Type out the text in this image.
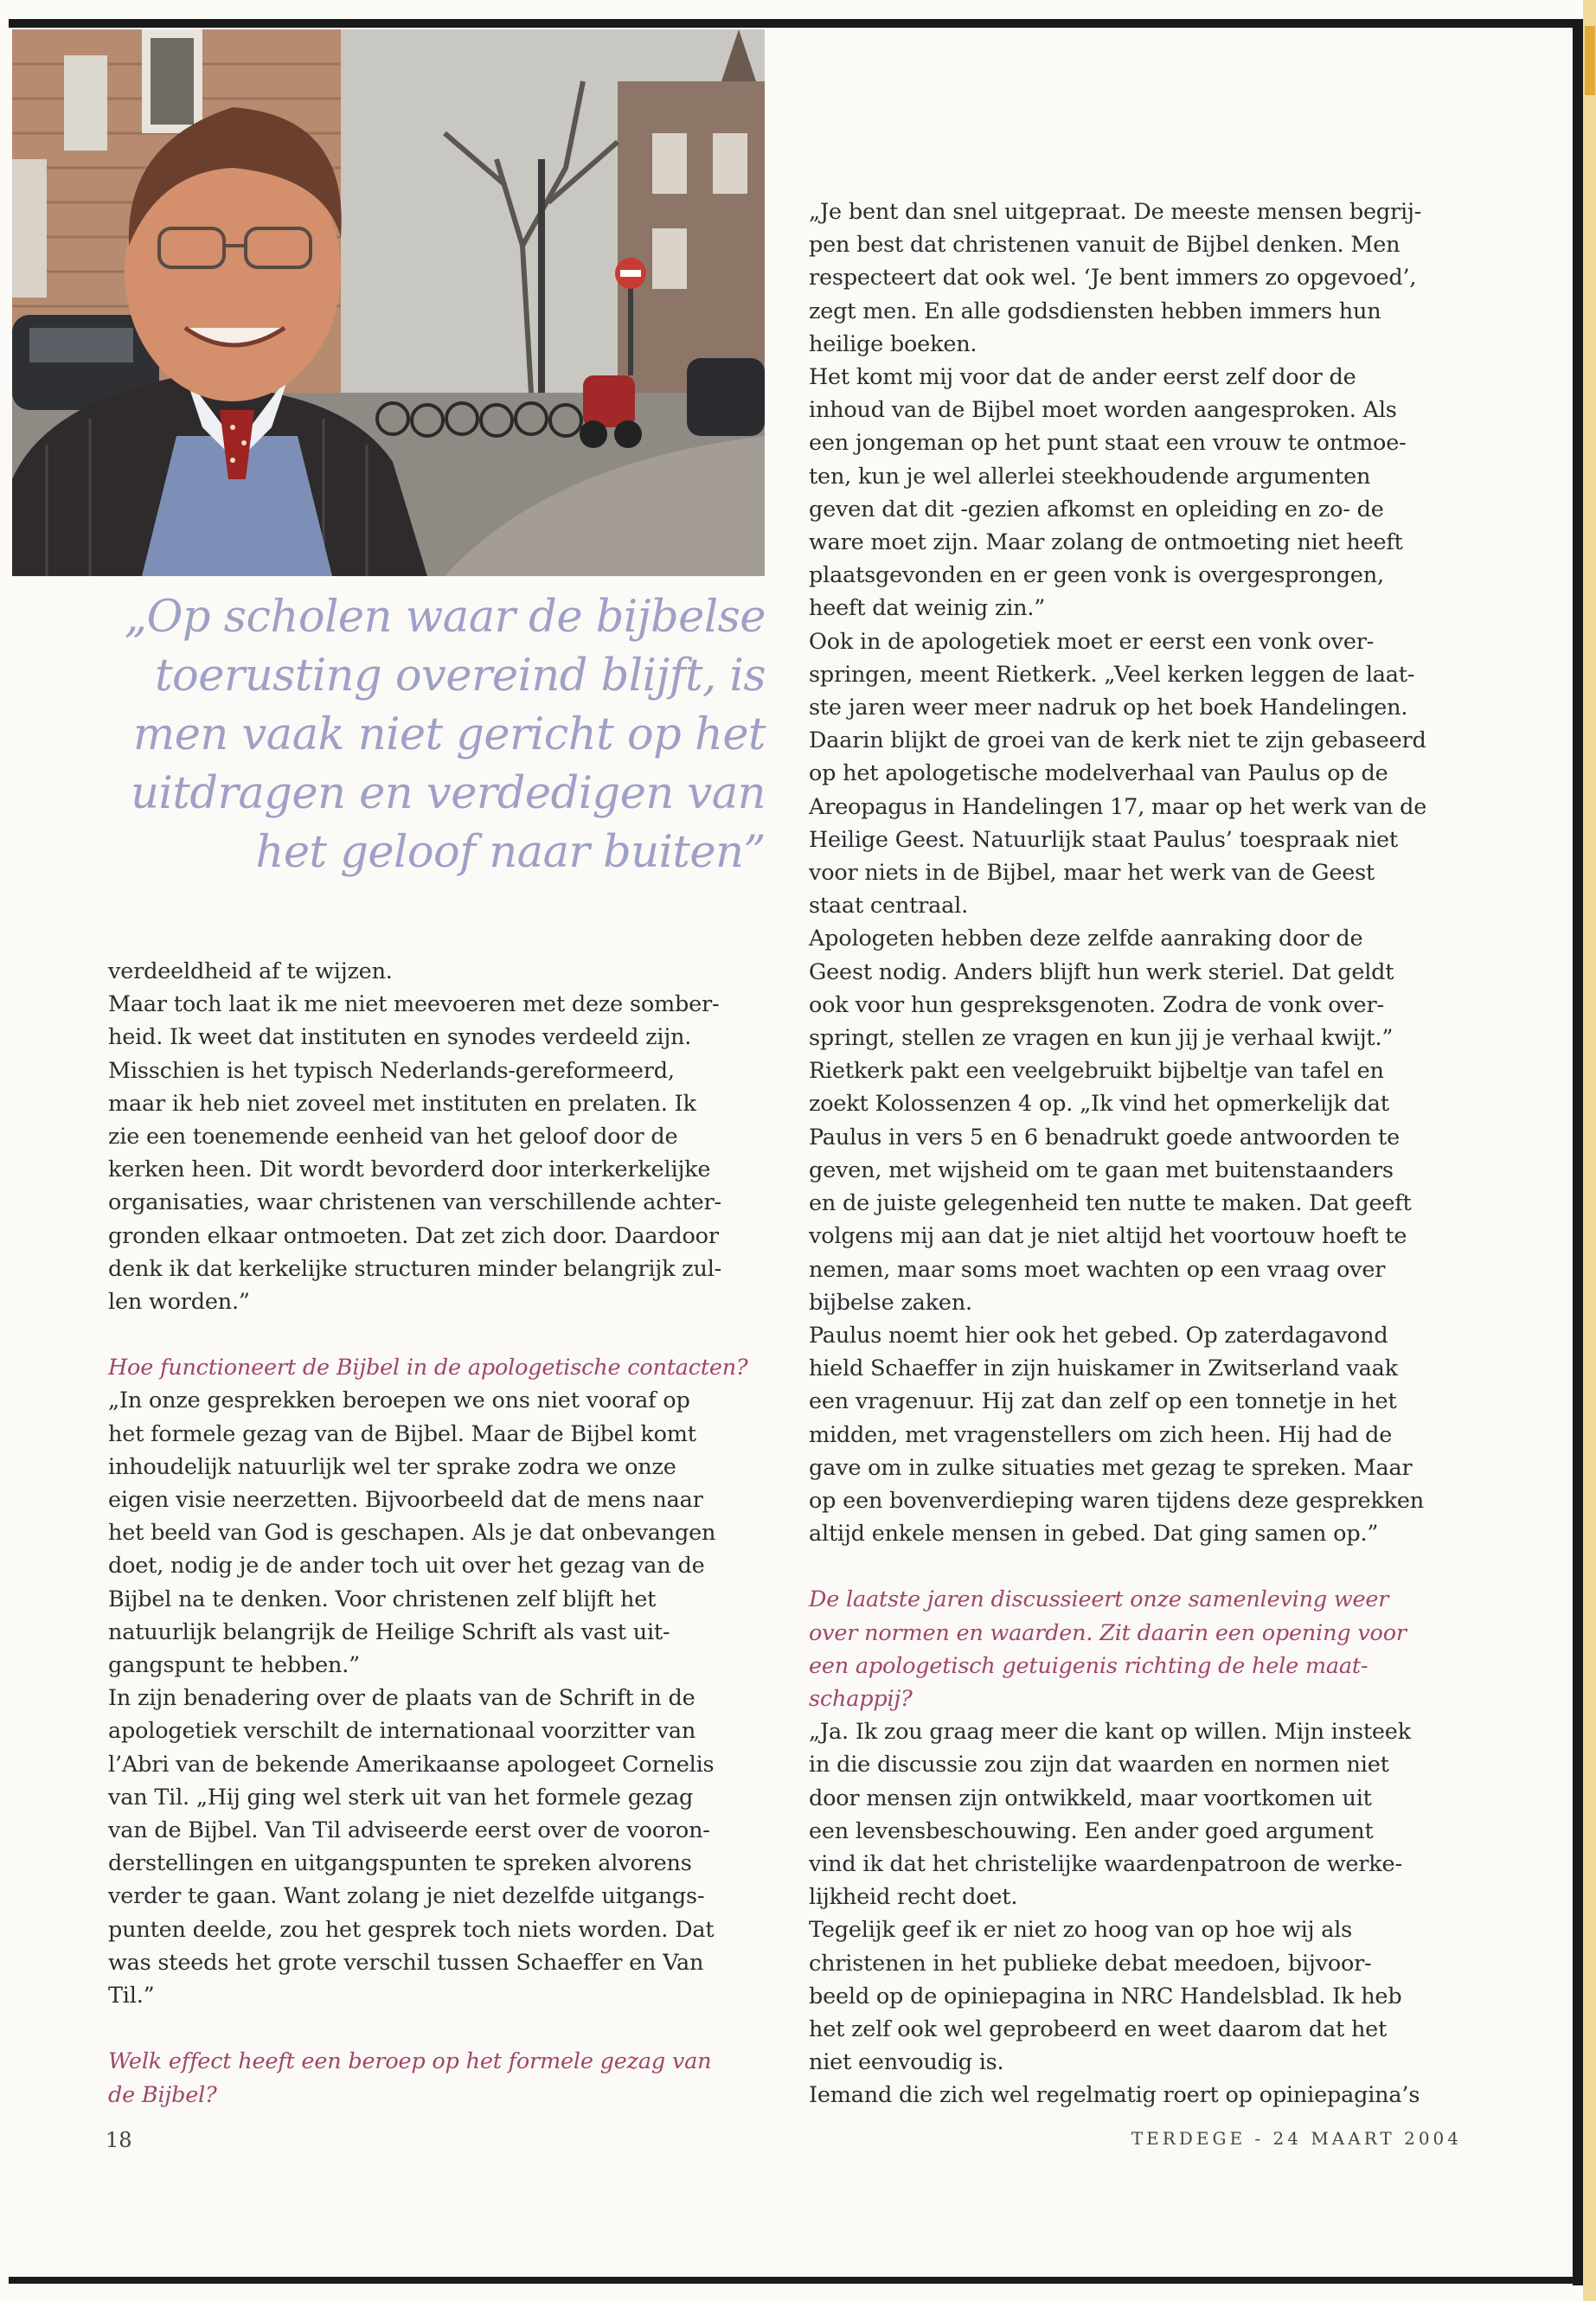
„Op scholen waar de bijbelse toerusting overeind blijft, is men vaak niet gericht op het uitdragen en verdedigen van het geloof naar buiten”

verdeeldheid af te wijzen.
Maar toch laat ik me niet meevoeren met deze somber-
heid. Ik weet dat instituten en synodes verdeeld zijn.
Misschien is het typisch Nederlands-gereformeerd,
maar ik heb niet zoveel met instituten en prelaten. Ik
zie een toenemende eenheid van het geloof door de
kerken heen. Dit wordt bevorderd door interkerkelijke
organisaties, waar christenen van verschillende achter-
gronden elkaar ontmoeten. Dat zet zich door. Daardoor
denk ik dat kerkelijke structuren minder belangrijk zul-
len worden.”

Hoe functioneert de Bijbel in de apologetische contacten?

„In onze gesprekken beroepen we ons niet vooraf op
het formele gezag van de Bijbel. Maar de Bijbel komt
inhoudelijk natuurlijk wel ter sprake zodra we onze
eigen visie neerzetten. Bijvoorbeeld dat de mens naar
het beeld van God is geschapen. Als je dat onbevangen
doet, nodig je de ander toch uit over het gezag van de
Bijbel na te denken. Voor christenen zelf blijft het
natuurlijk belangrijk de Heilige Schrift als vast uit-
gangspunt te hebben.”
In zijn benadering over de plaats van de Schrift in de
apologetiek verschilt de internationaal voorzitter van
l’Abri van de bekende Amerikaanse apologeet Cornelis
van Til. „Hij ging wel sterk uit van het formele gezag
van de Bijbel. Van Til adviseerde eerst over de vooron-
derstellingen en uitgangspunten te spreken alvorens
verder te gaan. Want zolang je niet dezelfde uitgangs-
punten deelde, zou het gesprek toch niets worden. Dat
was steeds het grote verschil tussen Schaeffer en Van
Til.”

Welk effect heeft een beroep op het formele gezag van
de Bijbel?

„Je bent dan snel uitgepraat. De meeste mensen begrij-
pen best dat christenen vanuit de Bijbel denken. Men
respecteert dat ook wel. ‘Je bent immers zo opgevoed’,
zegt men. En alle godsdiensten hebben immers hun
heilige boeken.
Het komt mij voor dat de ander eerst zelf door de
inhoud van de Bijbel moet worden aangesproken. Als
een jongeman op het punt staat een vrouw te ontmoe-
ten, kun je wel allerlei steekhoudende argumenten
geven dat dit -gezien afkomst en opleiding en zo- de
ware moet zijn. Maar zolang de ontmoeting niet heeft
plaatsgevonden en er geen vonk is overgesprongen,
heeft dat weinig zin.”
Ook in de apologetiek moet er eerst een vonk over-
springen, meent Rietkerk. „Veel kerken leggen de laat-
ste jaren weer meer nadruk op het boek Handelingen.
Daarin blijkt de groei van de kerk niet te zijn gebaseerd
op het apologetische modelverhaal van Paulus op de
Areopagus in Handelingen 17, maar op het werk van de
Heilige Geest. Natuurlijk staat Paulus’ toespraak niet
voor niets in de Bijbel, maar het werk van de Geest
staat centraal.
Apologeten hebben deze zelfde aanraking door de
Geest nodig. Anders blijft hun werk steriel. Dat geldt
ook voor hun gespreksgenoten. Zodra de vonk over-
springt, stellen ze vragen en kun jij je verhaal kwijt.”
Rietkerk pakt een veelgebruikt bijbeltje van tafel en
zoekt Kolossenzen 4 op. „Ik vind het opmerkelijk dat
Paulus in vers 5 en 6 benadrukt goede antwoorden te
geven, met wijsheid om te gaan met buitenstaanders
en de juiste gelegenheid ten nutte te maken. Dat geeft
volgens mij aan dat je niet altijd het voortouw hoeft te
nemen, maar soms moet wachten op een vraag over
bijbelse zaken.
Paulus noemt hier ook het gebed. Op zaterdagavond
hield Schaeffer in zijn huiskamer in Zwitserland vaak
een vragenuur. Hij zat dan zelf op een tonnetje in het
midden, met vragenstellers om zich heen. Hij had de
gave om in zulke situaties met gezag te spreken. Maar
op een bovenverdieping waren tijdens deze gesprekken
altijd enkele mensen in gebed. Dat ging samen op.”

De laatste jaren discussieert onze samenleving weer
over normen en waarden. Zit daarin een opening voor
een apologetisch getuigenis richting de hele maat-
schappij?

„Ja. Ik zou graag meer die kant op willen. Mijn insteek
in die discussie zou zijn dat waarden en normen niet
door mensen zijn ontwikkeld, maar voortkomen uit
een levensbeschouwing. Een ander goed argument
vind ik dat het christelijke waardenpatroon de werke-
lijkheid recht doet.
Tegelijk geef ik er niet zo hoog van op hoe wij als
christenen in het publieke debat meedoen, bijvoor-
beeld op de opiniepagina in NRC Handelsblad. Ik heb
het zelf ook wel geprobeerd en weet daarom dat het
niet eenvoudig is.
Iemand die zich wel regelmatig roert op opiniepagina’s

18	TERDEGE - 24 MAART 2004
